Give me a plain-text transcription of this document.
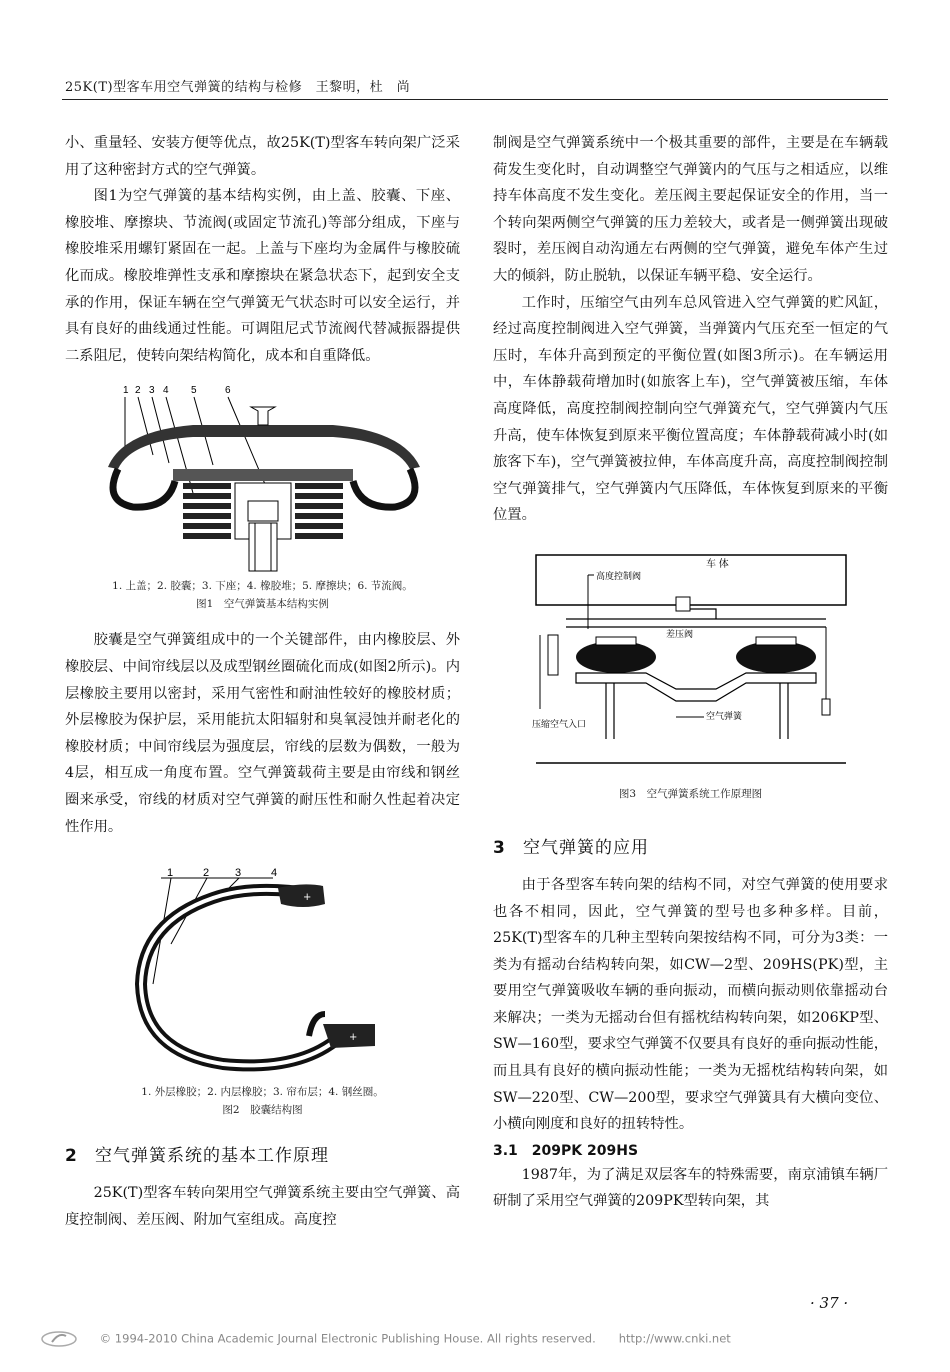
25K(T)型客车用空气弹簧的结构与检修　王黎明，杜　尚

小、重量轻、安装方便等优点，故25K(T)型客车转向架广泛采用了这种密封方式的空气弹簧。

图1为空气弹簧的基本结构实例，由上盖、胶囊、下座、橡胶堆、摩擦块、节流阀(或固定节流孔)等部分组成，下座与橡胶堆采用螺钉紧固在一起。上盖与下座均为金属件与橡胶硫化而成。橡胶堆弹性支承和摩擦块在紧急状态下，起到安全支承的作用，保证车辆在空气弹簧无气状态时可以安全运行，并具有良好的曲线通过性能。可调阻尼式节流阀代替减振器提供二系阻尼，使转向架结构简化，成本和自重降低。

1 2 3 4 5	6
1. 上盖；2. 胶囊；3. 下座；4. 橡胶堆；5. 摩擦块；6. 节流阀。
图1　空气弹簧基本结构实例

胶囊是空气弹簧组成中的一个关键部件，由内橡胶层、外橡胶层、中间帘线层以及成型钢丝圈硫化而成(如图2所示)。内层橡胶主要用以密封，采用气密性和耐油性较好的橡胶材质；外层橡胶为保护层，采用能抗太阳辐射和臭氧浸蚀并耐老化的橡胶材质；中间帘线层为强度层，帘线的层数为偶数，一般为4层，相互成一角度布置。空气弹簧载荷主要是由帘线和钢丝圈来承受，帘线的材质对空气弹簧的耐压性和耐久性起着决定性作用。

1	2 3	4
+
+
1. 外层橡胶；2. 内层橡胶；3. 帘布层；4. 钢丝圈。
图2　胶囊结构图
2 空气弹簧系统的基本工作原理

25K(T)型客车转向架用空气弹簧系统主要由空气弹簧、高度控制阀、差压阀、附加气室组成。高度控

制阀是空气弹簧系统中一个极其重要的部件，主要是在车辆载荷发生变化时，自动调整空气弹簧内的气压与之相适应，以维持车体高度不发生变化。差压阀主要起保证安全的作用，当一个转向架两侧空气弹簧的压力差较大，或者是一侧弹簧出现破裂时，差压阀自动沟通左右两侧的空气弹簧，避免车体产生过大的倾斜，防止脱轨，以保证车辆平稳、安全运行。

工作时，压缩空气由列车总风管进入空气弹簧的贮风缸，经过高度控制阀进入空气弹簧，当弹簧内气压充至一恒定的气压时，车体升高到预定的平衡位置(如图3所示)。在车辆运用中，车体静载荷增加时(如旅客上车)，空气弹簧被压缩，车体高度降低，高度控制阀控制向空气弹簧充气，空气弹簧内气压升高，使车体恢复到原来平衡位置高度；车体静载荷减小时(如旅客下车)，空气弹簧被拉伸，车体高度升高，高度控制阀控制空气弹簧排气，空气弹簧内气压降低，车体恢复到原来的平衡位置。

车 体
高度控制阀
差压阀
压缩空气入口
空气弹簧
图3　空气弹簧系统工作原理图
3 空气弹簧的应用

由于各型客车转向架的结构不同，对空气弹簧的使用要求也各不相同，因此，空气弹簧的型号也多种多样。目前，25K(T)型客车的几种主型转向架按结构不同，可分为3类：一类为有摇动台结构转向架，如CW—2型、209HS(PK)型，主要用空气弹簧吸收车辆的垂向振动，而横向振动则依靠摇动台来解决；一类为无摇动台但有摇枕结构转向架，如206KP型、SW—160型，要求空气弹簧不仅要具有良好的垂向振动性能，而且具有良好的横向振动性能；一类为无摇枕结构转向架，如SW—220型、CW—200型，要求空气弹簧具有大横向变位、小横向刚度和良好的扭转特性。

3.1　209PK 209HS

1987年，为了满足双层客车的特殊需要，南京浦镇车辆厂研制了采用空气弹簧的209PK型转向架，其

· 37 ·
© 1994-2010 China Academic Journal Electronic Publishing House. All rights reserved.　　http://www.cnki.net
